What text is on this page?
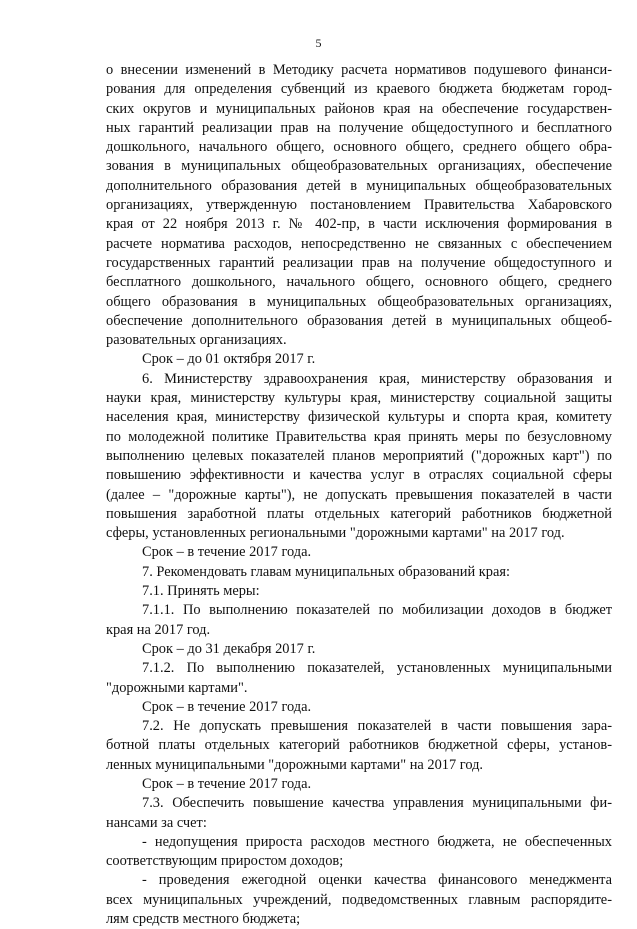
5
о внесении изменений в Методику расчета нормативов подушевого финанси-
рования для определения субвенций из краевого бюджета бюджетам город-
ских округов и муниципальных районов края на обеспечение государствен-
ных гарантий реализации прав на получение общедоступного и бесплатного
дошкольного, начального общего, основного общего, среднего общего обра-
зования в муниципальных общеобразовательных организациях, обеспечение
дополнительного образования детей в муниципальных общеобразовательных
организациях, утвержденную постановлением Правительства Хабаровского
края от 22 ноября 2013 г. № 402-пр, в части исключения формирования в
расчете норматива расходов, непосредственно не связанных с обеспечением
государственных гарантий реализации прав на получение общедоступного и
бесплатного дошкольного, начального общего, основного общего, среднего
общего образования в муниципальных общеобразовательных организациях,
обеспечение дополнительного образования детей в муниципальных общеоб-
разовательных организациях.
Срок – до 01 октября 2017 г.
6. Министерству здравоохранения края, министерству образования и
науки края, министерству культуры края, министерству социальной защиты
населения края, министерству физической культуры и спорта края, комитету
по молодежной политике Правительства края принять меры по безусловному
выполнению целевых показателей планов мероприятий ("дорожных карт") по
повышению эффективности и качества услуг в отраслях социальной сферы
(далее – "дорожные карты"), не допускать превышения показателей в части
повышения заработной платы отдельных категорий работников бюджетной
сферы, установленных региональными "дорожными картами" на 2017 год.
Срок – в течение 2017 года.
7. Рекомендовать главам муниципальных образований края:
7.1. Принять меры:
7.1.1. По выполнению показателей по мобилизации доходов в бюджет
края на 2017 год.
Срок – до 31 декабря 2017 г.
7.1.2. По выполнению показателей, установленных муниципальными
"дорожными картами".
Срок – в течение 2017 года.
7.2. Не допускать превышения показателей в части повышения зара-
ботной платы отдельных категорий работников бюджетной сферы, установ-
ленных муниципальными "дорожными картами" на 2017 год.
Срок – в течение 2017 года.
7.3. Обеспечить повышение качества управления муниципальными фи-
нансами за счет:
- недопущения прироста расходов местного бюджета, не обеспеченных
соответствующим приростом доходов;
- проведения ежегодной оценки качества финансового менеджмента
всех муниципальных учреждений, подведомственных главным распорядите-
лям средств местного бюджета;
